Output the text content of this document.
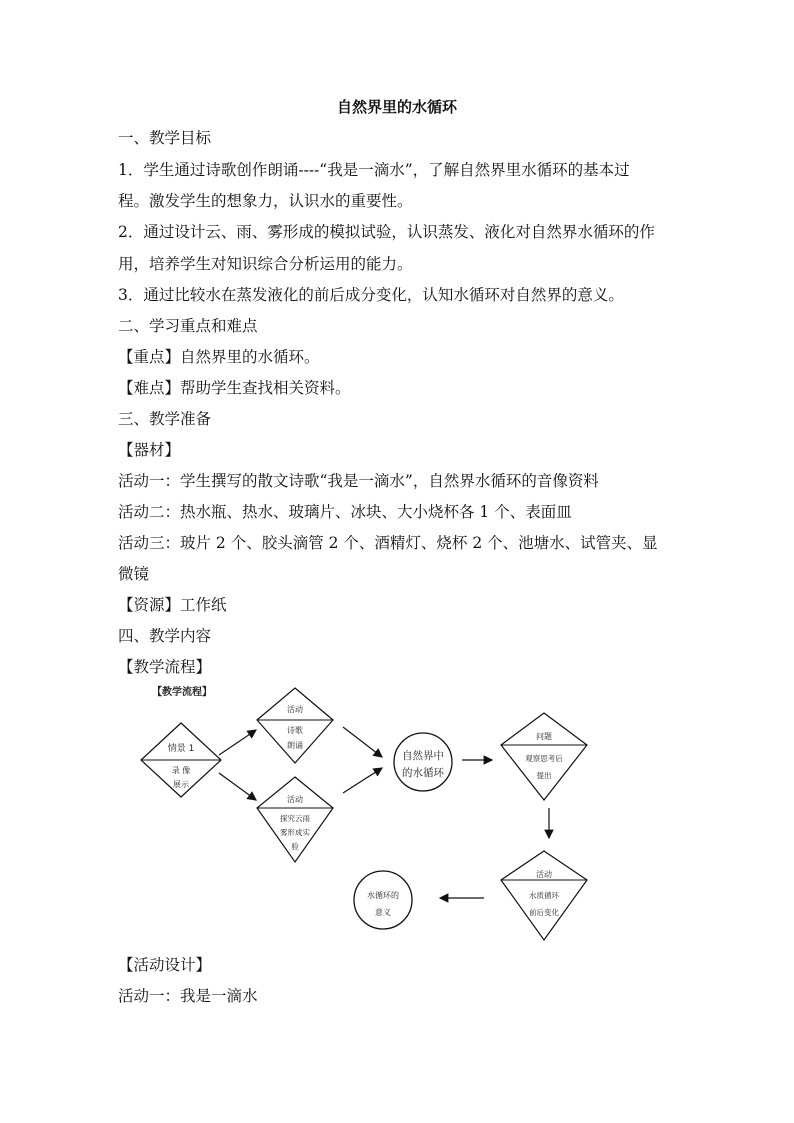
自然界里的水循环
一、教学目标
1．学生通过诗歌创作朗诵----“我是一滴水”，了解自然界里水循环的基本过
程。激发学生的想象力，认识水的重要性。
2．通过设计云、雨、雾形成的模拟试验，认识蒸发、液化对自然界水循环的作
用，培养学生对知识综合分析运用的能力。
3．通过比较水在蒸发液化的前后成分变化，认知水循环对自然界的意义。
二、学习重点和难点
【重点】自然界里的水循环。
【难点】帮助学生查找相关资料。
三、教学准备
【器材】
活动一：学生撰写的散文诗歌“我是一滴水”，自然界水循环的音像资料
活动二：热水瓶、热水、玻璃片、冰块、大小烧杯各 1 个、表面皿
活动三：玻片 2 个、胶头滴管 2 个、酒精灯、烧杯 2 个、池塘水、试管夹、显
微镜
【资源】工作纸
四、教学内容
【教学流程】
【教学流程】
情景 1
录 像
展示
活动
诗歌
朗诵
活动
探究云雨
雾形成实
验
自然界中
的水循环
问题
观察思考后
提出
活动
水质循环
前后变化
水循环的
意义
【活动设计】
活动一：我是一滴水
